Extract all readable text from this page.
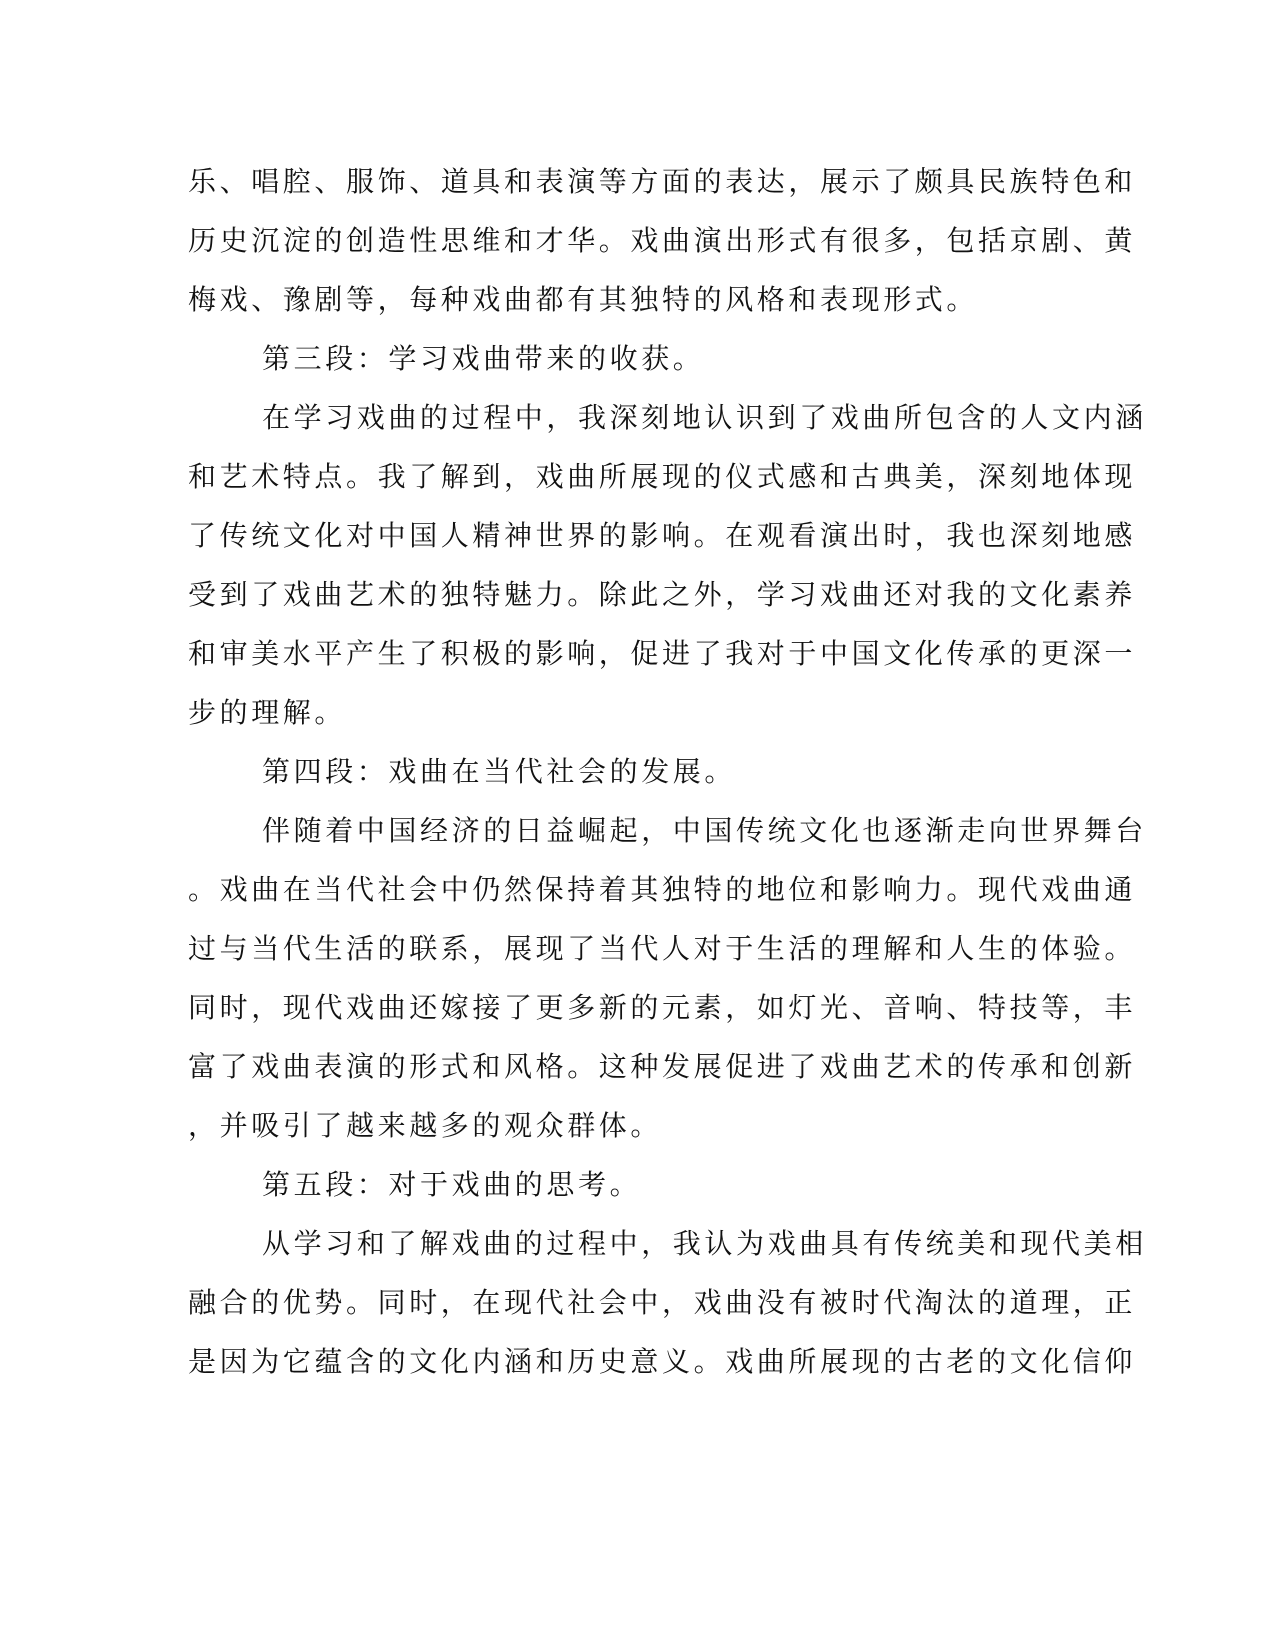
乐、唱腔、服饰、道具和表演等方面的表达，展示了颇具民族特色和
历史沉淀的创造性思维和才华。戏曲演出形式有很多，包括京剧、黄
梅戏、豫剧等，每种戏曲都有其独特的风格和表现形式。
第三段：学习戏曲带来的收获。
在学习戏曲的过程中，我深刻地认识到了戏曲所包含的人文内涵
和艺术特点。我了解到，戏曲所展现的仪式感和古典美，深刻地体现
了传统文化对中国人精神世界的影响。在观看演出时，我也深刻地感
受到了戏曲艺术的独特魅力。除此之外，学习戏曲还对我的文化素养
和审美水平产生了积极的影响，促进了我对于中国文化传承的更深一
步的理解。
第四段：戏曲在当代社会的发展。
伴随着中国经济的日益崛起，中国传统文化也逐渐走向世界舞台
。戏曲在当代社会中仍然保持着其独特的地位和影响力。现代戏曲通
过与当代生活的联系，展现了当代人对于生活的理解和人生的体验。
同时，现代戏曲还嫁接了更多新的元素，如灯光、音响、特技等，丰
富了戏曲表演的形式和风格。这种发展促进了戏曲艺术的传承和创新
，并吸引了越来越多的观众群体。
第五段：对于戏曲的思考。
从学习和了解戏曲的过程中，我认为戏曲具有传统美和现代美相
融合的优势。同时，在现代社会中，戏曲没有被时代淘汰的道理，正
是因为它蕴含的文化内涵和历史意义。戏曲所展现的古老的文化信仰
